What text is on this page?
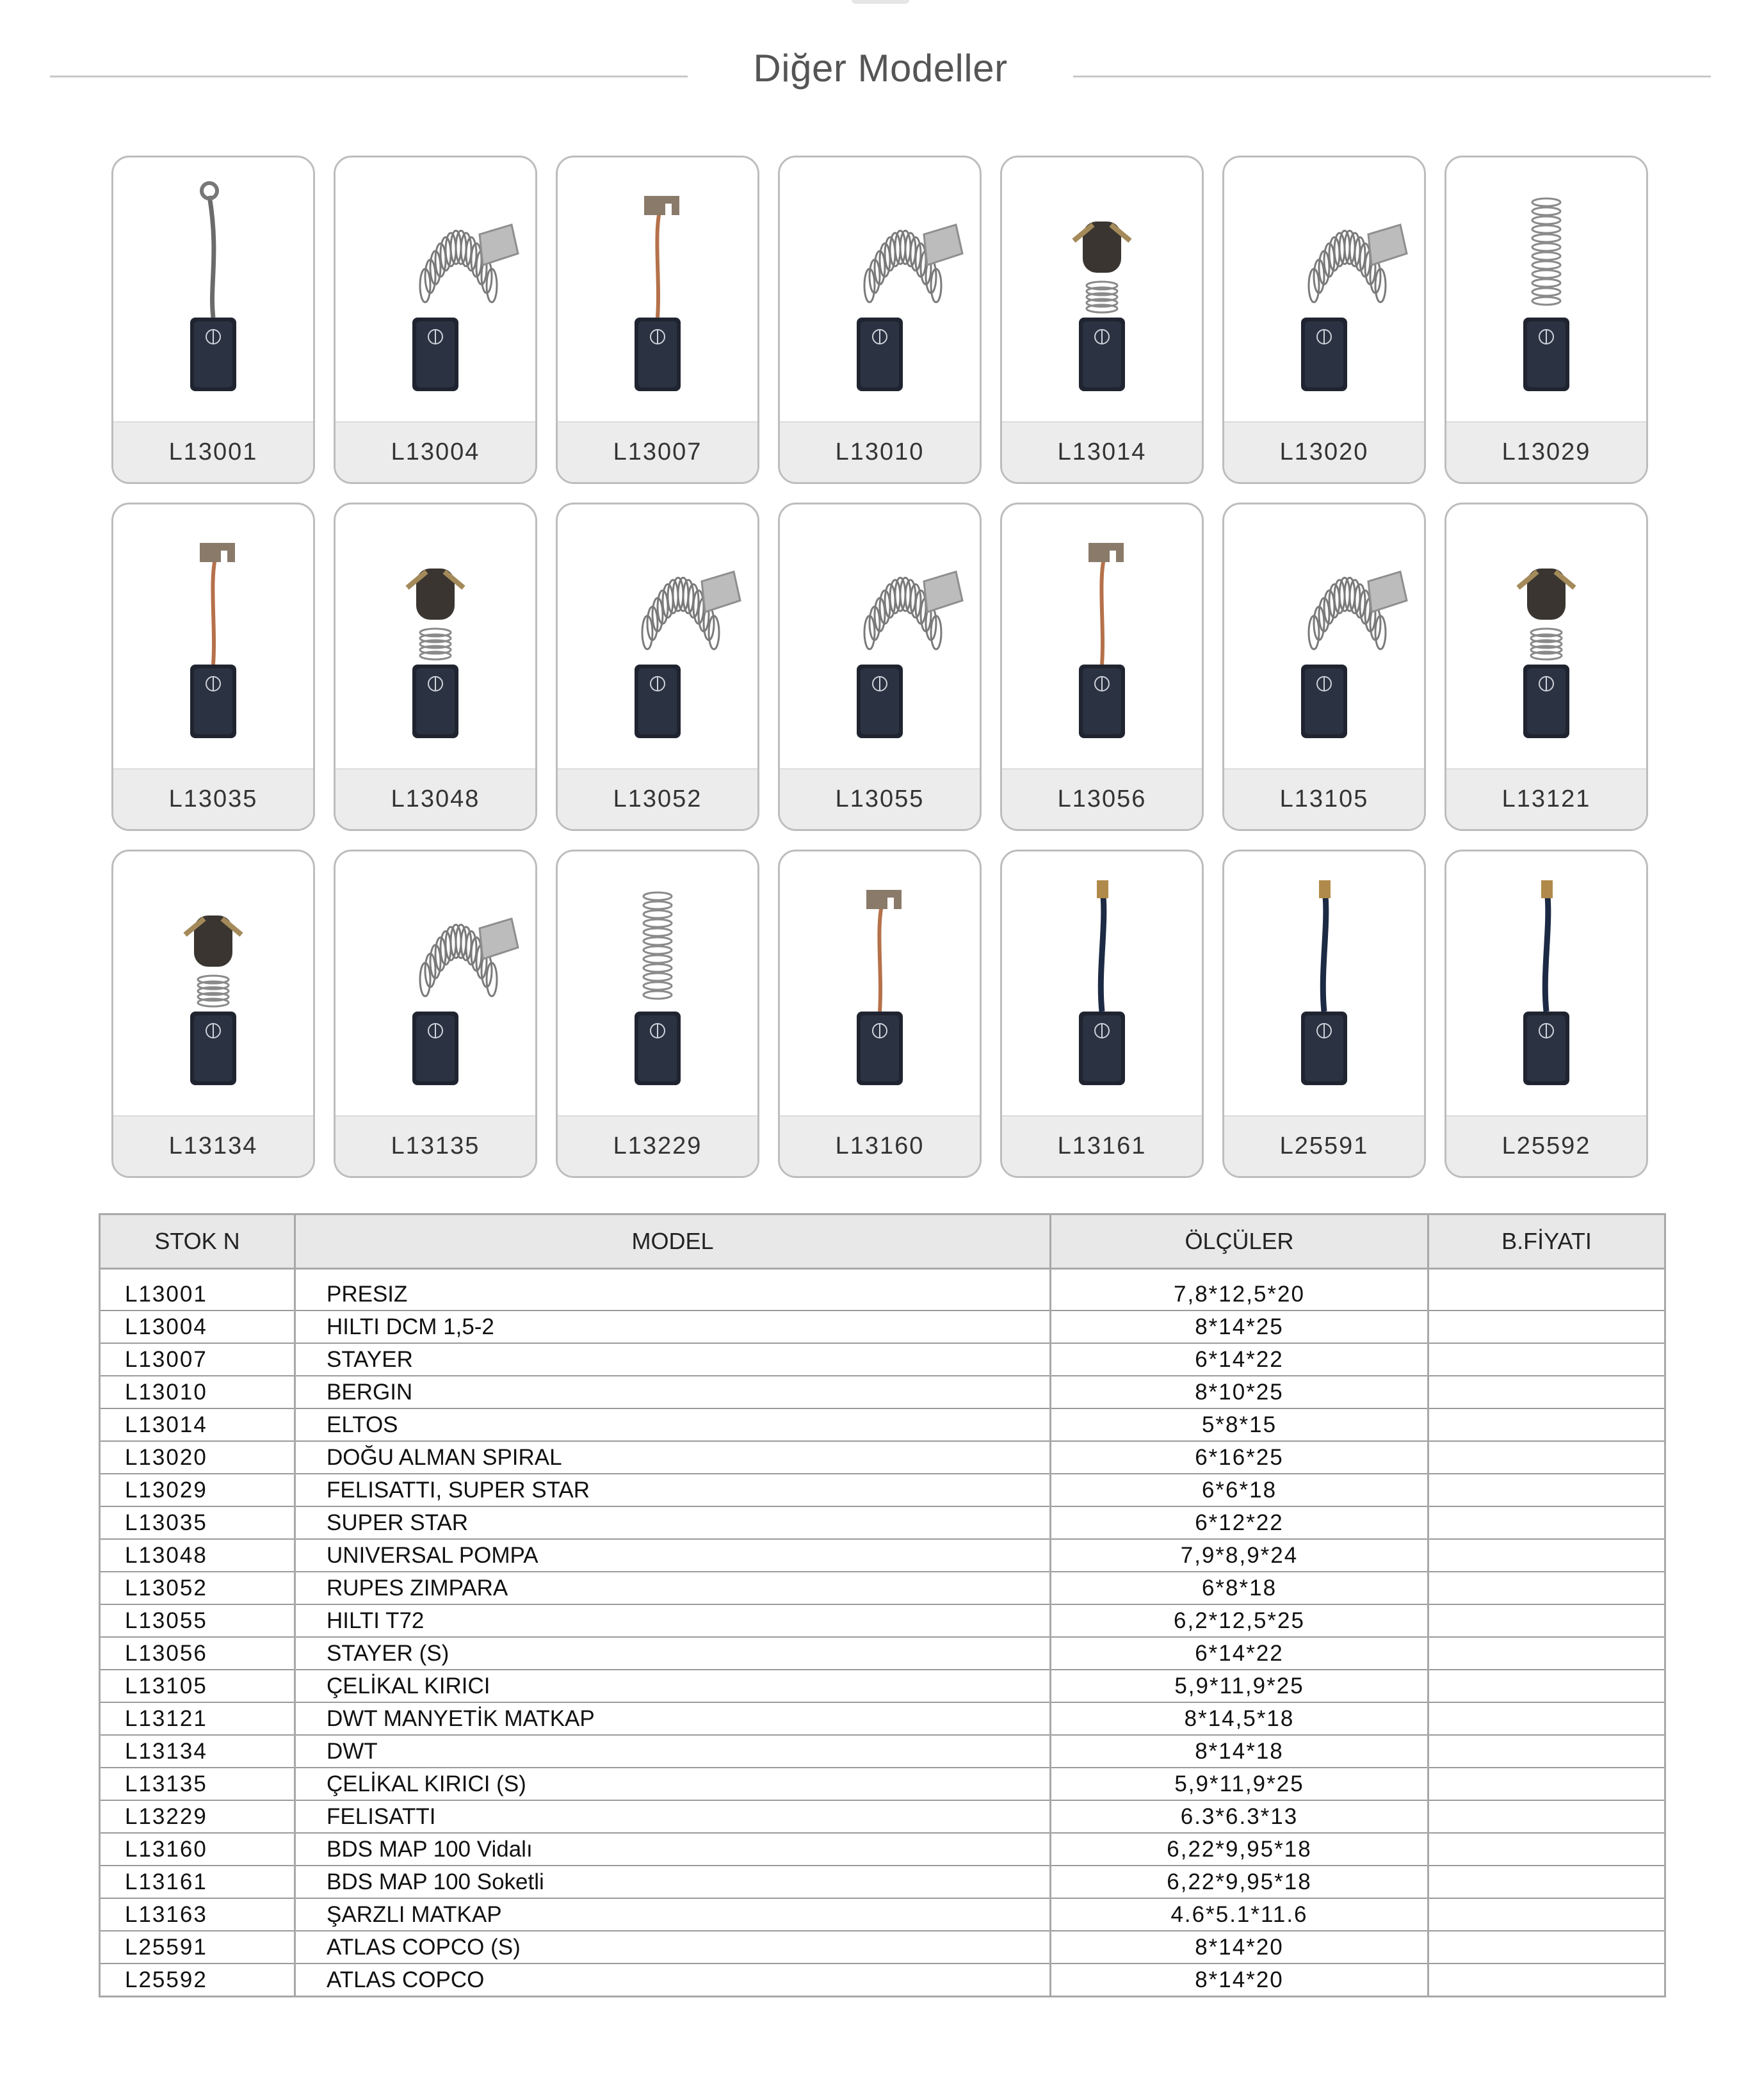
Diğer Modeller
L13001	L13004	L13007	L13010	L13014	L13020	L13029
L13035	L13048	L13052	L13055	L13056	L13105	L13121
L13134	L13135	L13229	L13160	L13161	L25591	L25592
STOK N	MODEL	ÖLÇÜLER	B.FİYATI

L13001	PRESIZ	7,8*12,5*20	
L13004	HILTI DCM 1,5-2	8*14*25	
L13007	STAYER	6*14*22	
L13010	BERGIN	8*10*25	
L13014	ELTOS	5*8*15	
L13020	DOĞU ALMAN SPIRAL	6*16*25	
L13029	FELISATTI, SUPER STAR	6*6*18	
L13035	SUPER STAR	6*12*22	
L13048	UNIVERSAL POMPA	7,9*8,9*24	
L13052	RUPES ZIMPARA	6*8*18	
L13055	HILTI T72	6,2*12,5*25	
L13056	STAYER (S)	6*14*22	
L13105	ÇELİKAL KIRICI	5,9*11,9*25	
L13121	DWT MANYETİK MATKAP	8*14,5*18	
L13134	DWT	8*14*18	
L13135	ÇELİKAL KIRICI (S)	5,9*11,9*25	
L13229	FELISATTI	6.3*6.3*13	
L13160	BDS MAP 100 Vidalı	6,22*9,95*18	
L13161	BDS MAP 100 Soketli	6,22*9,95*18	
L13163	ŞARZLI MATKAP	4.6*5.1*11.6	
L25591	ATLAS COPCO (S)	8*14*20	
L25592	ATLAS COPCO	8*14*20	
